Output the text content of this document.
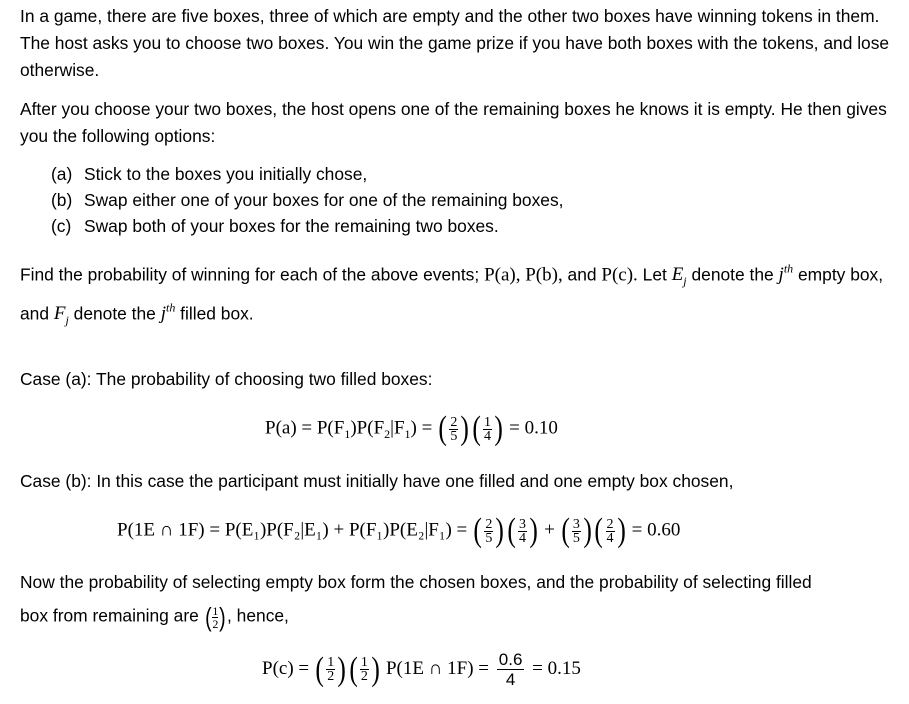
In a game, there are five boxes, three of which are empty and the other two boxes have winning tokens in them. The host asks you to choose two boxes. You win the game prize if you have both boxes with the tokens, and lose otherwise.
After you choose your two boxes, the host opens one of the remaining boxes he knows it is empty. He then gives you the following options:
(a) Stick to the boxes you initially chose,
(b) Swap either one of your boxes for one of the remaining boxes,
(c) Swap both of your boxes for the remaining two boxes.
Find the probability of winning for each of the above events; P(a), P(b), and P(c). Let $E_j$ denote the $j^{th}$ empty box, and $F_j$ denote the $j^{th}$ filled box.
Case (a): The probability of choosing two filled boxes:
$P(a) = P(F_1)P(F_2|F_1)$ = ( $\frac{2}{5}$ ) ( $\frac{1}{4}$ ) = 0.10
Case (b): In this case the participant must initially have one filled and one empty box chosen,
P(1E ∩ 1F) = P(E₁)P(F₂|E₁) + P(F₁)P(E₂|F₁) = ( $\frac{2}{5}$ ) ( $\frac{3}{4}$ ) + ( $\frac{3}{5}$ ) ( $\frac{2}{4}$ ) = 0.60
Now the probability of selecting empty box form the chosen boxes, and the probability of selecting filled
box from remaining are ( $\frac{1}{2}$ ) , hence,
P(c) = ( $\frac{1}{2}$ ) ( $\frac{1}{2}$ ) P(1E ∩ $1F) = \frac{0.6}{4} = 0.15$
